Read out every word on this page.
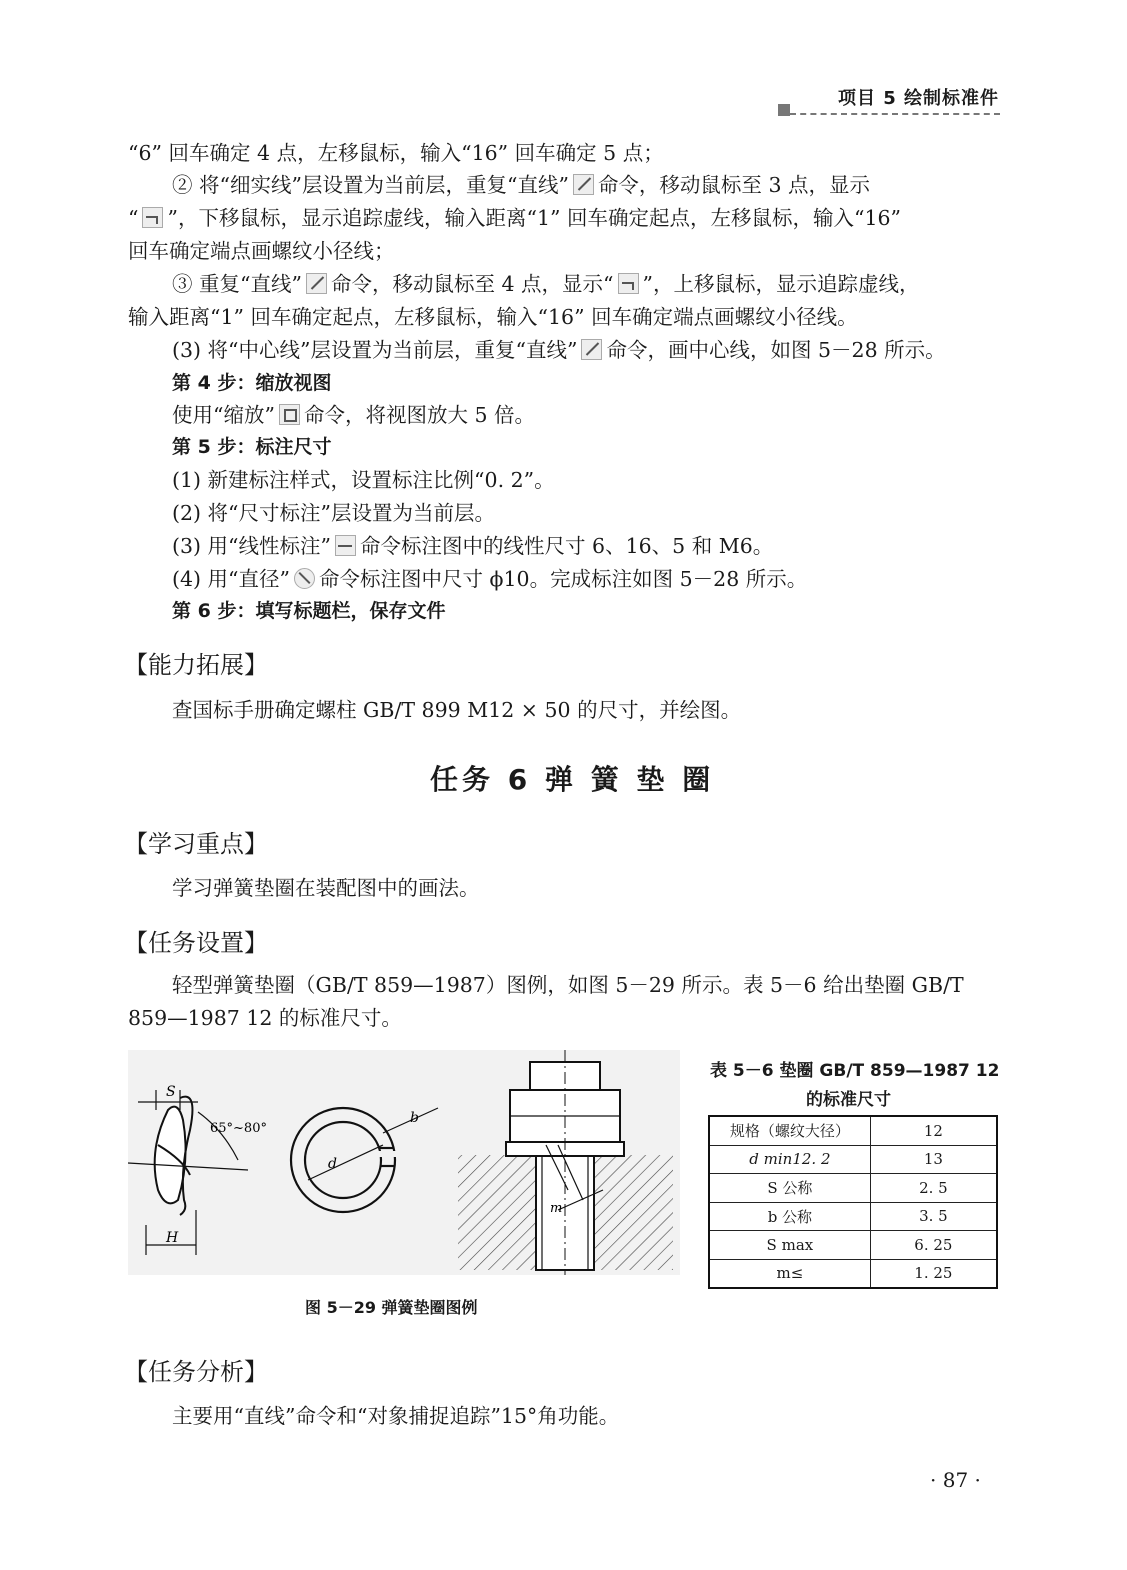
项目 5 绘制标准件
“6” 回车确定 4 点，左移鼠标，输入“16” 回车确定 5 点；
② 将“细实线”层设置为当前层，重复“直线” 命令，移动鼠标至 3 点，显示
“ ”，下移鼠标，显示追踪虚线，输入距离“1” 回车确定起点，左移鼠标，输入“16”
回车确定端点画螺纹小径线；
③ 重复“直线” 命令，移动鼠标至 4 点，显示“ ”，上移鼠标，显示追踪虚线，
输入距离“1” 回车确定起点，左移鼠标，输入“16” 回车确定端点画螺纹小径线。
(3) 将“中心线”层设置为当前层，重复“直线” 命令，画中心线，如图 5－28 所示。
第 4 步：缩放视图
使用“缩放” 命令，将视图放大 5 倍。
第 5 步：标注尺寸
(1) 新建标注样式，设置标注比例“0. 2”。
(2) 将“尺寸标注”层设置为当前层。
(3) 用“线性标注” 命令标注图中的线性尺寸 6、16、5 和 M6。
(4) 用“直径” 命令标注图中尺寸 ϕ10。完成标注如图 5－28 所示。
第 6 步：填写标题栏，保存文件
【能力拓展】
查国标手册确定螺柱 GB/T 899 M12 × 50 的尺寸，并绘图。
任务 6 弹 簧 垫 圈
【学习重点】
学习弹簧垫圈在装配图中的画法。
【任务设置】
轻型弹簧垫圈（GB/T 859—1987）图例，如图 5－29 所示。表 5－6 给出垫圈 GB/T
859—1987 12 的标准尺寸。
S
65°~80°
H
d
b
m
图 5－29 弹簧垫圈图例
表 5－6 垫圈 GB/T 859—1987 12
的标准尺寸
规格（螺纹大径）	12
d min12. 2	13
S 公称	2. 5
b 公称	3. 5
S max	6. 25
m≤	1. 25
【任务分析】
主要用“直线”命令和“对象捕捉追踪”15°角功能。
· 87 ·
